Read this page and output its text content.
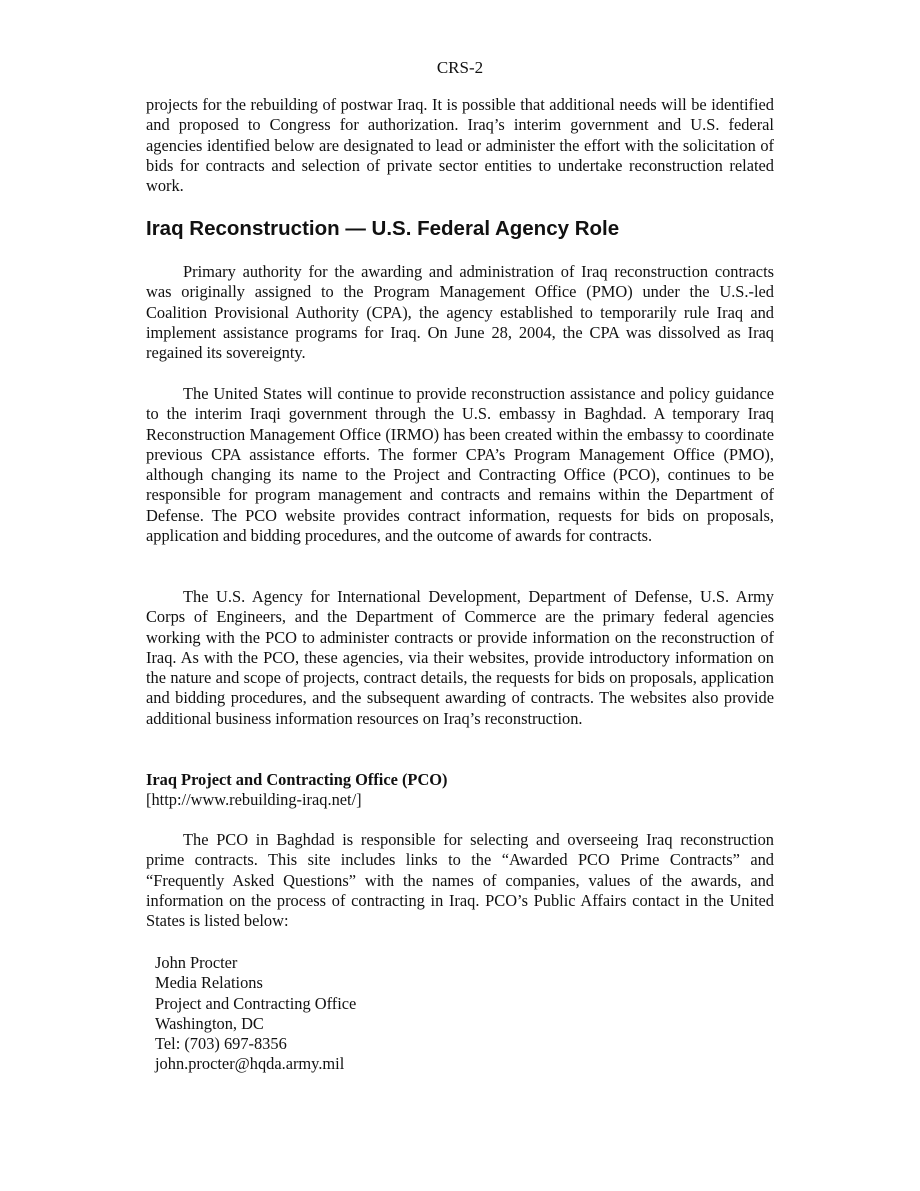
CRS-2

projects for the rebuilding of postwar Iraq. It is possible that additional needs will be identified and proposed to Congress for authorization. Iraq’s interim government and U.S. federal agencies identified below are designated to lead or administer the effort with the solicitation of bids for contracts and selection of private sector entities to undertake reconstruction related work.

Iraq Reconstruction — U.S. Federal Agency Role

Primary authority for the awarding and administration of Iraq reconstruction contracts was originally assigned to the Program Management Office (PMO) under the U.S.-led Coalition Provisional Authority (CPA), the agency established to temporarily rule Iraq and implement assistance programs for Iraq. On June 28, 2004, the CPA was dissolved as Iraq regained its sovereignty.

The United States will continue to provide reconstruction assistance and policy guidance to the interim Iraqi government through the U.S. embassy in Baghdad. A temporary Iraq Reconstruction Management Office (IRMO) has been created within the embassy to coordinate previous CPA assistance efforts. The former CPA’s Program Management Office (PMO), although changing its name to the Project and Contracting Office (PCO), continues to be responsible for program management and contracts and remains within the Department of Defense. The PCO website provides contract information, requests for bids on proposals, application and bidding procedures, and the outcome of awards for contracts.

The U.S. Agency for International Development, Department of Defense, U.S. Army Corps of Engineers, and the Department of Commerce are the primary federal agencies working with the PCO to administer contracts or provide information on the reconstruction of Iraq. As with the PCO, these agencies, via their websites, provide introductory information on the nature and scope of projects, contract details, the requests for bids on proposals, application and bidding procedures, and the subsequent awarding of contracts. The websites also provide additional business information resources on Iraq’s reconstruction.

Iraq Project and Contracting Office (PCO)
[http://www.rebuilding-iraq.net/]

The PCO in Baghdad is responsible for selecting and overseeing Iraq reconstruction prime contracts. This site includes links to the “Awarded PCO Prime Contracts” and “Frequently Asked Questions” with the names of companies, values of the awards, and information on the process of contracting in Iraq. PCO’s Public Affairs contact in the United States is listed below:

John Procter
Media Relations
Project and Contracting Office
Washington, DC
Tel: (703) 697-8356
john.procter@hqda.army.mil
